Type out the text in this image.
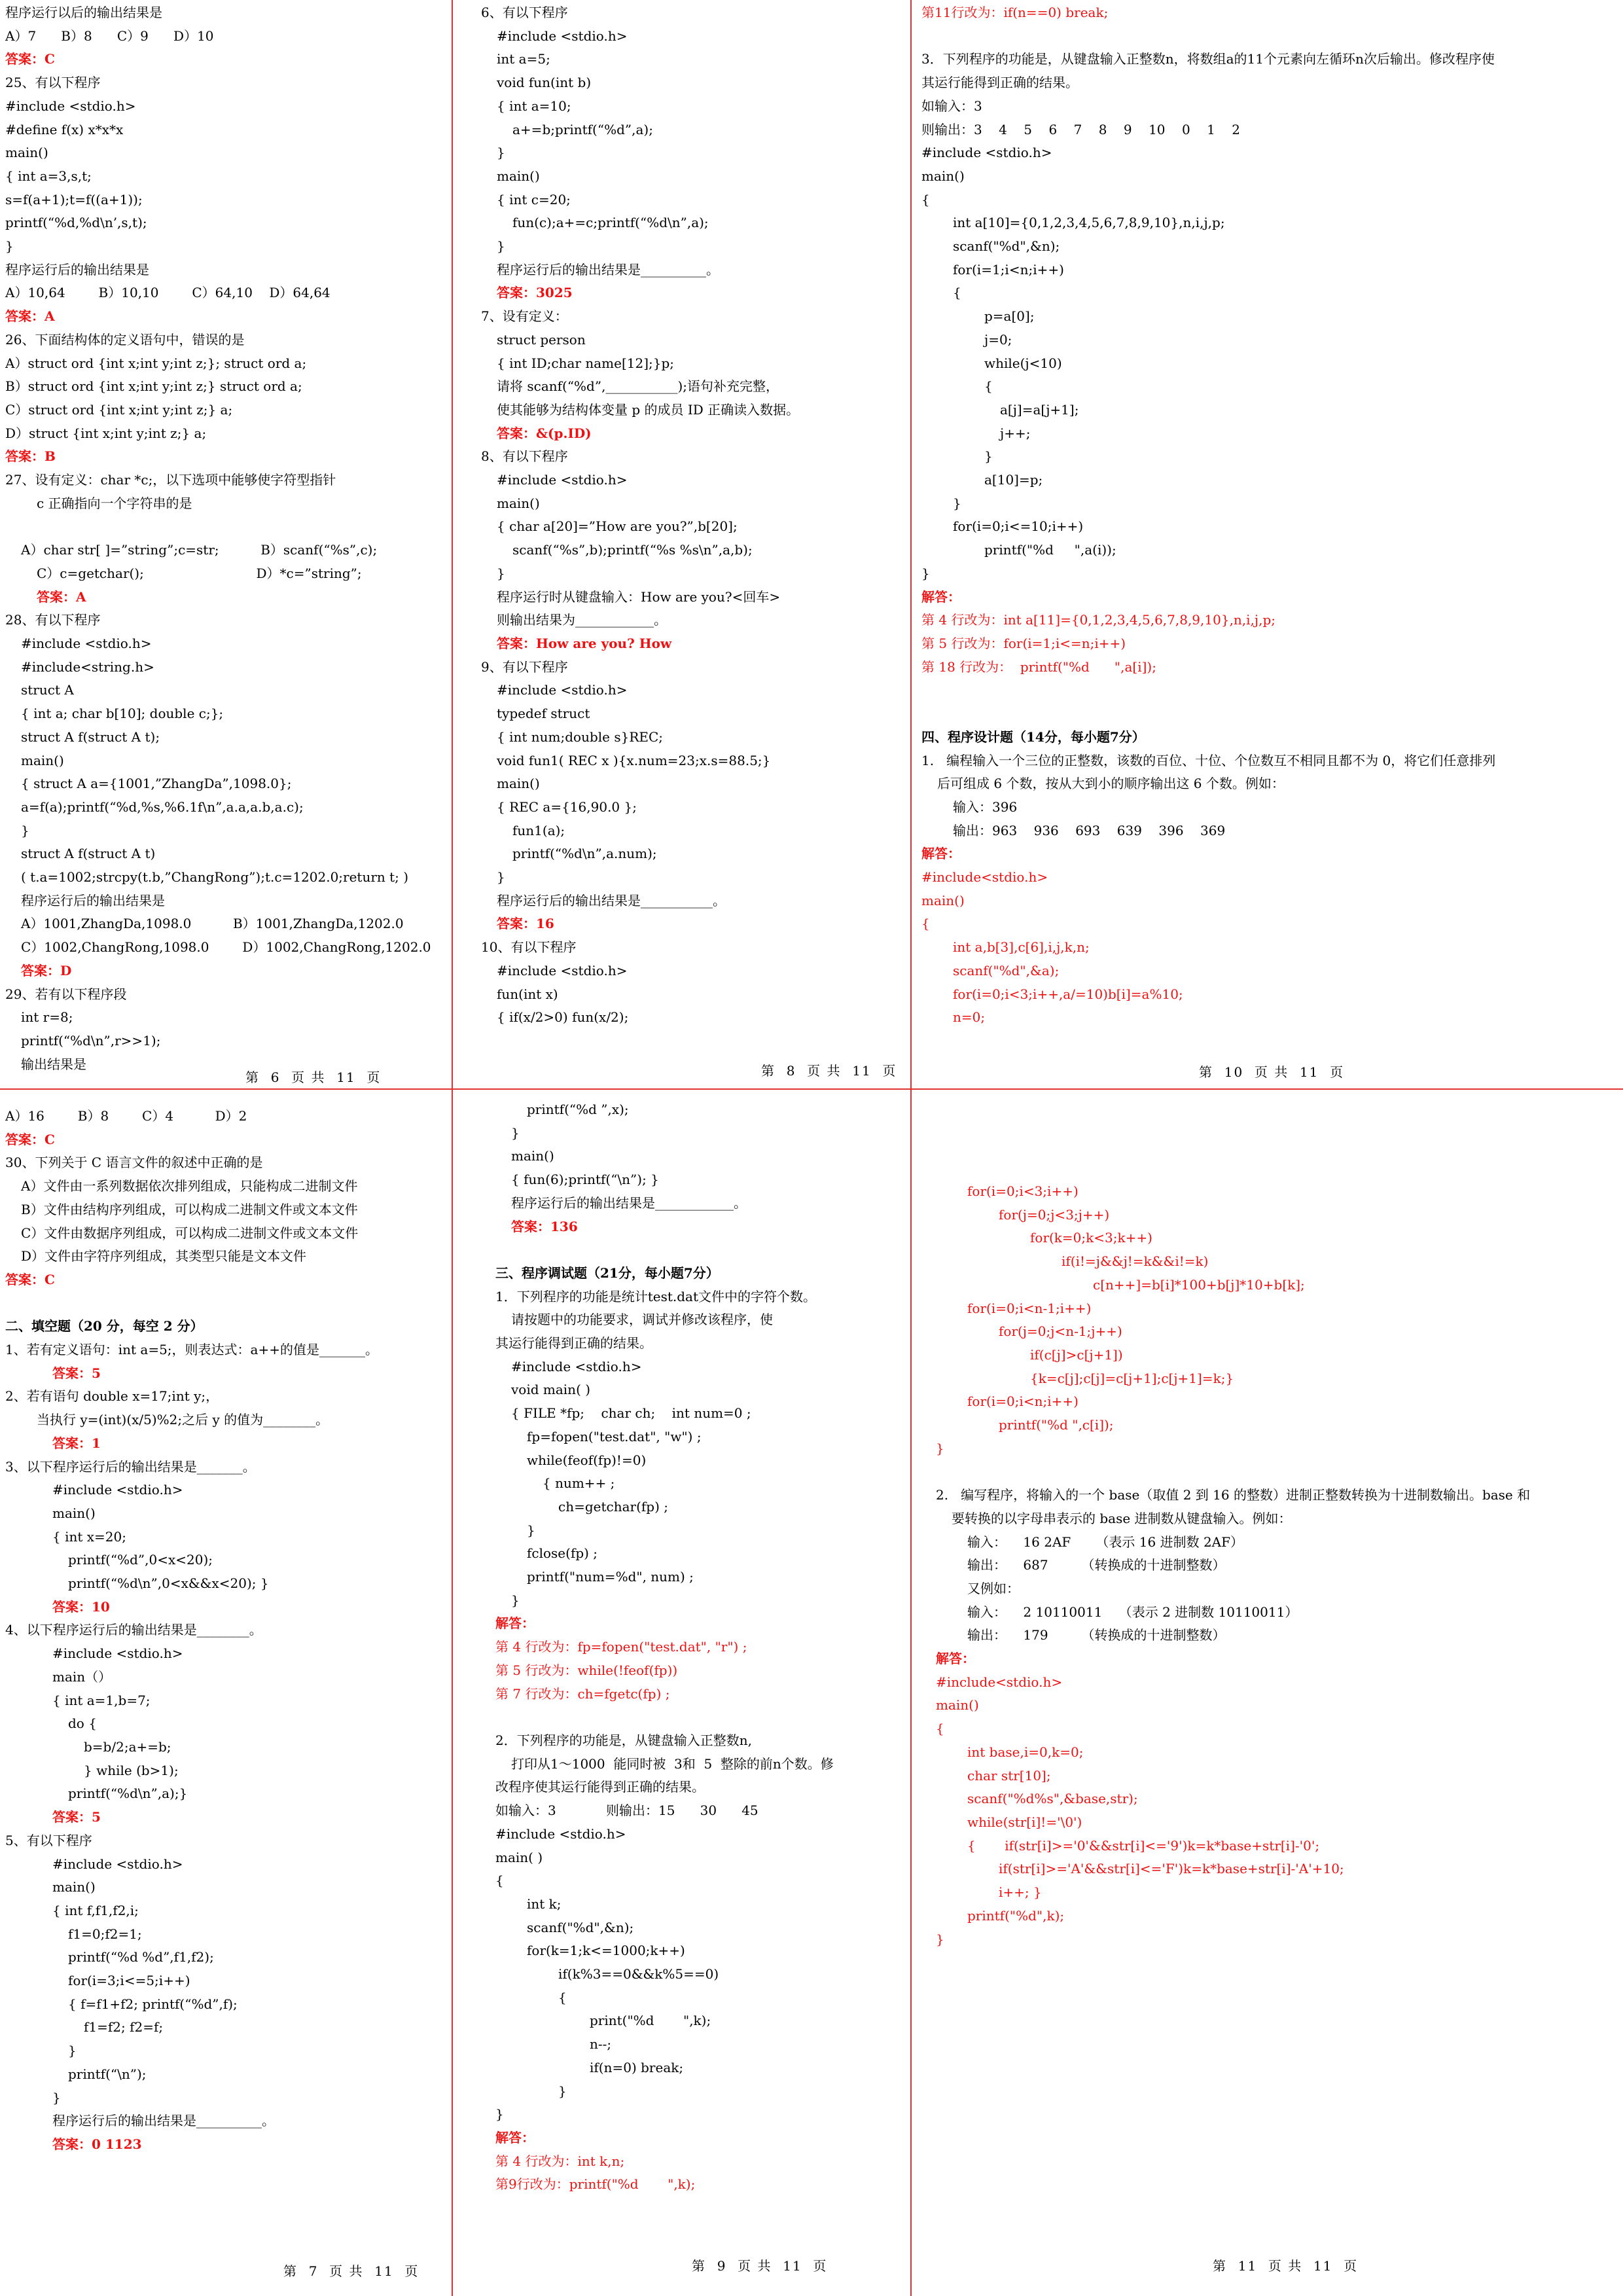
程序运行以后的输出结果是
A）7      B）8      C）9      D）10
答案：C
25、有以下程序
#include <stdio.h>
#define f(x) x*x*x
main()
{ int a=3,s,t;
s=f(a+1);t=f((a+1));
printf(“%d,%d\n’,s,t);
}
程序运行后的输出结果是
A）10,64        B）10,10        C）64,10    D）64,64
答案：A
26、下面结构体的定义语句中，错误的是
A）struct ord {int x;int y;int z;}; struct ord a;
B）struct ord {int x;int y;int z;} struct ord a;
C）struct ord {int x;int y;int z;} a;
D）struct {int x;int y;int z;} a;
答案：B
27、设有定义：char *c;，以下选项中能够使字符型指针
c 正确指向一个字符串的是

A）char str[ ]=”string”;c=str;          B）scanf(“%s”,c);
C）c=getchar();                           D）*c=”string”;
答案：A
28、有以下程序
#include <stdio.h>
#include<string.h>
struct A
{ int a; char b[10]; double c;};
struct A f(struct A t);
main()
{ struct A a={1001,”ZhangDa”,1098.0};
a=f(a);printf(“%d,%s,%6.1f\n”,a.a,a.b,a.c);
}
struct A f(struct A t)
( t.a=1002;strcpy(t.b,”ChangRong”);t.c=1202.0;return t; )
程序运行后的输出结果是
A）1001,ZhangDa,1098.0          B）1001,ZhangDa,1202.0
C）1002,ChangRong,1098.0        D）1002,ChangRong,1202.0
答案：D
29、若有以下程序段
int r=8;
printf(“%d\n”,r>>1);
输出结果是
6、有以下程序
#include <stdio.h>
int a=5;
void fun(int b)
{ int a=10;
a+=b;printf(“%d”,a);
}
main()
{ int c=20;
fun(c);a+=c;printf(“%d\n”,a);
}
程序运行后的输出结果是__________。
答案：3025
7、设有定义：
struct person
{ int ID;char name[12];}p;
请将 scanf(“%d”,___________);语句补充完整，
使其能够为结构体变量 p 的成员 ID 正确读入数据。
答案：&(p.ID)
8、有以下程序
#include <stdio.h>
main()
{ char a[20]=”How are you?”,b[20];
scanf(“%s”,b);printf(“%s %s\n”,a,b);
}
程序运行时从键盘输入：How are you?<回车>
则输出结果为____________。
答案：How are you? How
9、有以下程序
#include <stdio.h>
typedef struct
{ int num;double s}REC;
void fun1( REC x ){x.num=23;x.s=88.5;}
main()
{ REC a={16,90.0 };
fun1(a);
printf(“%d\n”,a.num);
}
程序运行后的输出结果是___________。
答案：16
10、有以下程序
#include <stdio.h>
fun(int x)
{ if(x/2>0) fun(x/2);
第11行改为：if(n==0) break;

3．下列程序的功能是，从键盘输入正整数n，将数组a的11个元素向左循环n次后输出。修改程序使
其运行能得到正确的结果。
如输入：3
则输出：3    4    5    6    7    8    9    10    0    1    2
#include <stdio.h>
main()
{
int a[10]={0,1,2,3,4,5,6,7,8,9,10},n,i,j,p;
scanf("%d",&n);
for(i=1;i<n;i++)
{
p=a[0];
j=0;
while(j<10)
{
a[j]=a[j+1];
j++;
}
a[10]=p;
}
for(i=0;i<=10;i++)
printf("%d     ",a(i));
}
解答：
第 4 行改为：int a[11]={0,1,2,3,4,5,6,7,8,9,10},n,i,j,p;
第 5 行改为：for(i=1;i<=n;i++)
第 18 行改为：  printf("%d      ",a[i]);

四、程序设计题（14分，每小题7分）
1.   编程输入一个三位的正整数，该数的百位、十位、个位数互不相同且都不为 0，将它们任意排列
后可组成 6 个数，按从大到小的顺序输出这 6 个数。例如：
输入：396
输出：963    936    693    639    396    369
解答：
#include<stdio.h>
main()
{
int a,b[3],c[6],i,j,k,n;
scanf("%d",&a);
for(i=0;i<3;i++,a/=10)b[i]=a%10;
n=0;
A）16        B）8        C）4          D）2
答案：C
30、下列关于 C 语言文件的叙述中正确的是
A）文件由一系列数据依次排列组成，只能构成二进制文件
B）文件由结构序列组成，可以构成二进制文件或文本文件
C）文件由数据序列组成，可以构成二进制文件或文本文件
D）文件由字符序列组成，其类型只能是文本文件
答案：C

二、填空题（20 分，每空 2 分）
1、若有定义语句：int a=5;，则表达式：a++的值是_______。
答案：5
2、若有语句 double x=17;int y;，
当执行 y=(int)(x/5)%2;之后 y 的值为________。
答案：1
3、以下程序运行后的输出结果是_______。
#include <stdio.h>
main()
{ int x=20;
printf(“%d”,0<x<20);
printf(“%d\n”,0<x&&x<20); }
答案：10
4、以下程序运行后的输出结果是________。
#include <stdio.h>
main（）
{ int a=1,b=7;
do {
b=b/2;a+=b;
} while (b>1);
printf(“%d\n”,a);}
答案：5
5、有以下程序
#include <stdio.h>
main()
{ int f,f1,f2,i;
f1=0;f2=1;
printf(“%d %d”,f1,f2);
for(i=3;i<=5;i++)
{ f=f1+f2; printf(“%d”,f);
f1=f2; f2=f;
}
printf(“\n”);
}
程序运行后的输出结果是__________。
答案：0 1123
printf(“%d ”,x);
}
main()
{ fun(6);printf(“\n”); }
程序运行后的输出结果是____________。
答案：136

三、程序调试题（21分，每小题7分）
1．下列程序的功能是统计test.dat文件中的字符个数。
请按题中的功能要求，调试并修改该程序，使
其运行能得到正确的结果。
#include <stdio.h>
void main( )
{ FILE *fp;    char ch;    int num=0 ;
fp=fopen("test.dat", "w") ;
while(feof(fp)!=0)
{ num++ ;
ch=getchar(fp) ;
}
fclose(fp) ;
printf("num=%d", num) ;
}
解答：
第 4 行改为：fp=fopen("test.dat", "r") ;
第 5 行改为：while(!feof(fp))
第 7 行改为：ch=fgetc(fp) ;

2．下列程序的功能是，从键盘输入正整数n,
打印从1～1000  能同时被  3和  5  整除的前n个数。修
改程序使其运行能得到正确的结果。
如输入：3            则输出：15      30      45
#include <stdio.h>
main( )
{
int k;
scanf("%d",&n);
for(k=1;k<=1000;k++)
if(k%3==0&&k%5==0)
{
print("%d       ",k);
n--;
if(n=0) break;
}
}
解答：
第 4 行改为：int k,n;
第9行改为：printf("%d       ",k);
for(i=0;i<3;i++)
for(j=0;j<3;j++)
for(k=0;k<3;k++)
if(i!=j&&j!=k&&i!=k)
c[n++]=b[i]*100+b[j]*10+b[k];
for(i=0;i<n-1;i++)
for(j=0;j<n-1;j++)
if(c[j]>c[j+1])
{k=c[j];c[j]=c[j+1];c[j+1]=k;}
for(i=0;i<n;i++)
printf("%d ",c[i]);
}

2.   编写程序，将输入的一个 base（取值 2 到 16 的整数）进制正整数转换为十进制数输出。base 和
要转换的以字母串表示的 base 进制数从键盘输入。例如：
输入：    16 2AF      （表示 16 进制数 2AF）
输出：    687        （转换成的十进制整数）
又例如：
输入：    2 10110011    （表示 2 进制数 10110011）
输出：    179        （转换成的十进制整数）
解答：
#include<stdio.h>
main()
{
int base,i=0,k=0;
char str[10];
scanf("%d%s",&base,str);
while(str[i]!='\0')
{       if(str[i]>='0'&&str[i]<='9')k=k*base+str[i]-'0';
if(str[i]>='A'&&str[i]<='F')k=k*base+str[i]-'A'+10;
i++; }
printf("%d",k);
}
第  6  页 共  11  页	第  8  页 共  11  页	第  10  页 共  11  页
第  7  页 共  11  页	第  9  页 共  11  页	第  11  页 共  11  页
